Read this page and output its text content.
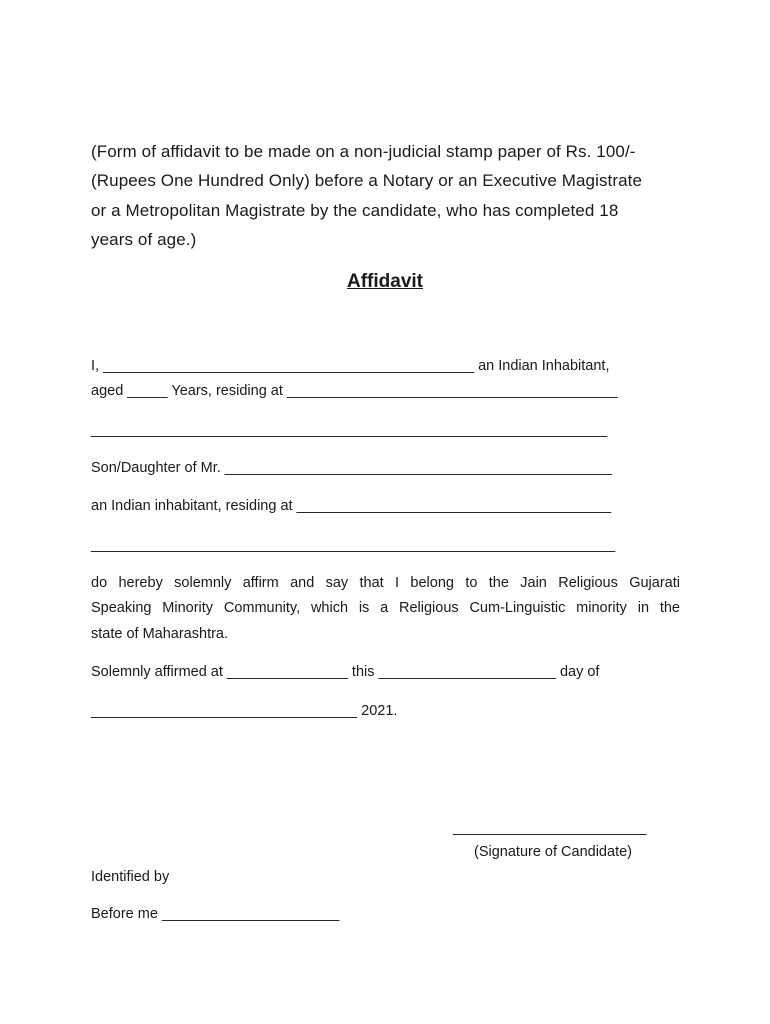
(Form of affidavit to be made on a non-judicial stamp paper of Rs. 100/-

(Rupees One Hundred Only) before a Notary or an Executive Magistrate

or a Metropolitan Magistrate by the candidate, who has completed 18

years of age.)

Affidavit

I, ______________________________________________ an Indian Inhabitant,

aged _____ Years, residing at _________________________________________

________________________________________________________________

Son/Daughter of Mr. ________________________________________________

an Indian inhabitant, residing at _______________________________________

_________________________________________________________________

do hereby solemnly affirm and say that I belong to the Jain Religious Gujarati

Speaking Minority Community, which is a Religious Cum-Linguistic minority in the

state of Maharashtra.

Solemnly affirmed at _______________ this ______________________ day of

_________________________________ 2021.

________________________

(Signature of Candidate)

Identified by

Before me ______________________
